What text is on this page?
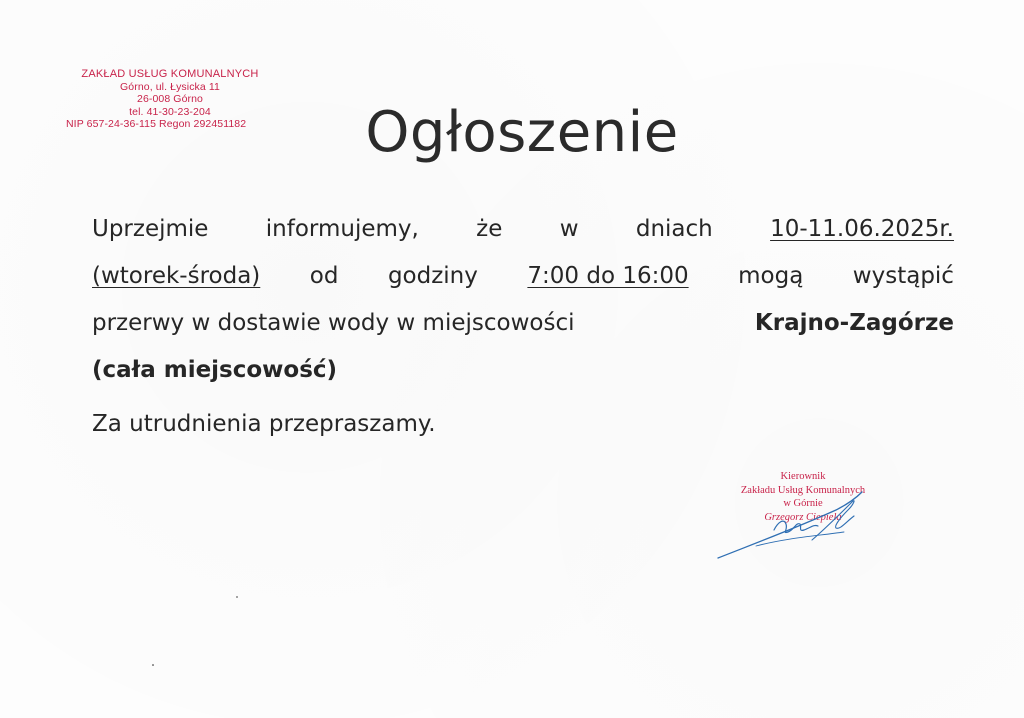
ZAKŁAD USŁUG KOMUNALNYCH
Górno, ul. Łysicka 11
26-008 Górno
tel. 41-30-23-204
NIP 657-24-36-115 Regon 292451182	Ogłoszenie
Uprzejmie informujemy, że w dniach 10-11.06.2025r.
(wtorek-środa) od godziny 7:00 do 16:00 mogą wystąpić
przerwy w dostawie wody w miejscowości	Krajno-Zagórze
(cała miejscowość)
Za utrudnienia przepraszamy.
Kierownik
Zakładu Usług Komunalnych
w Górnie
Grzegorz Ciepiela
